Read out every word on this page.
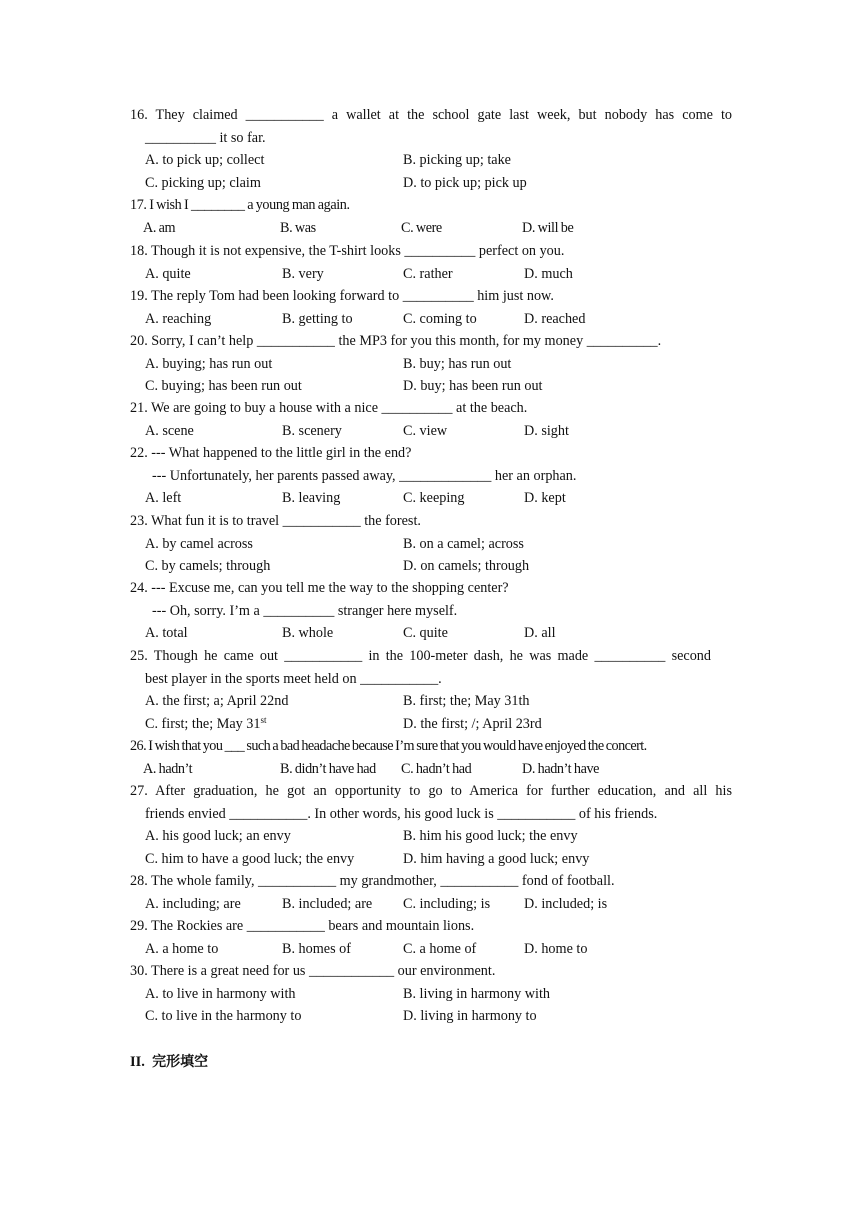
16. They claimed ___________ a wallet at the school gate last week, but nobody has come to
__________ it so far.
A. to pick up; collect	B. picking up; take
C. picking up; claim	D. to pick up; pick up
17. I wish I ________ a young man again.
A. am	B. was	C. were	D. will be
18. Though it is not expensive, the T-shirt looks __________ perfect on you.
A. quite	B. very	C. rather	D. much
19. The reply Tom had been looking forward to __________ him just now.
A. reaching	B. getting to	C. coming to	D. reached
20. Sorry, I can’t help ___________ the MP3 for you this month, for my money __________.
A. buying; has run out	B. buy; has run out
C. buying; has been run out	D. buy; has been run out
21. We are going to buy a house with a nice __________ at the beach.
A. scene	B. scenery	C. view	D. sight
22. --- What happened to the little girl in the end?
--- Unfortunately, her parents passed away, _____________ her an orphan.
A. left	B. leaving	C. keeping	D. kept
23. What fun it is to travel ___________ the forest.
A. by camel across	B. on a camel; across
C. by camels; through	D. on camels; through
24. --- Excuse me, can you tell me the way to the shopping center?
--- Oh, sorry. I’m a __________ stranger here myself.
A. total	B. whole	C. quite	D. all
25. Though he came out ___________ in the 100-meter dash, he was made __________ second
best player in the sports meet held on ___________.
A. the first; a; April 22nd	B. first; the; May 31th
C. first; the; May 31st	D. the first; /; April 23rd
26. I wish that you ___ such a bad headache because I’m sure that you would have enjoyed the concert.
A. hadn’t	B. didn’t have had	C. hadn’t had	D. hadn’t have
27. After graduation, he got an opportunity to go to America for further education, and all his
friends envied ___________. In other words, his good luck is ___________ of his friends.
A. his good luck; an envy	B. him his good luck; the envy
C. him to have a good luck; the envy	D. him having a good luck; envy
28. The whole family, ___________ my grandmother, ___________ fond of football.
A. including; are	B. included; are	C. including; is	D. included; is
29. The Rockies are ___________ bears and mountain lions.
A. a home to	B. homes of	C. a home of	D. home to
30. There is a great need for us ____________ our environment.
A. to live in harmony with	B. living in harmony with
C. to live in the harmony to	D. living in harmony to
II. 完形填空
